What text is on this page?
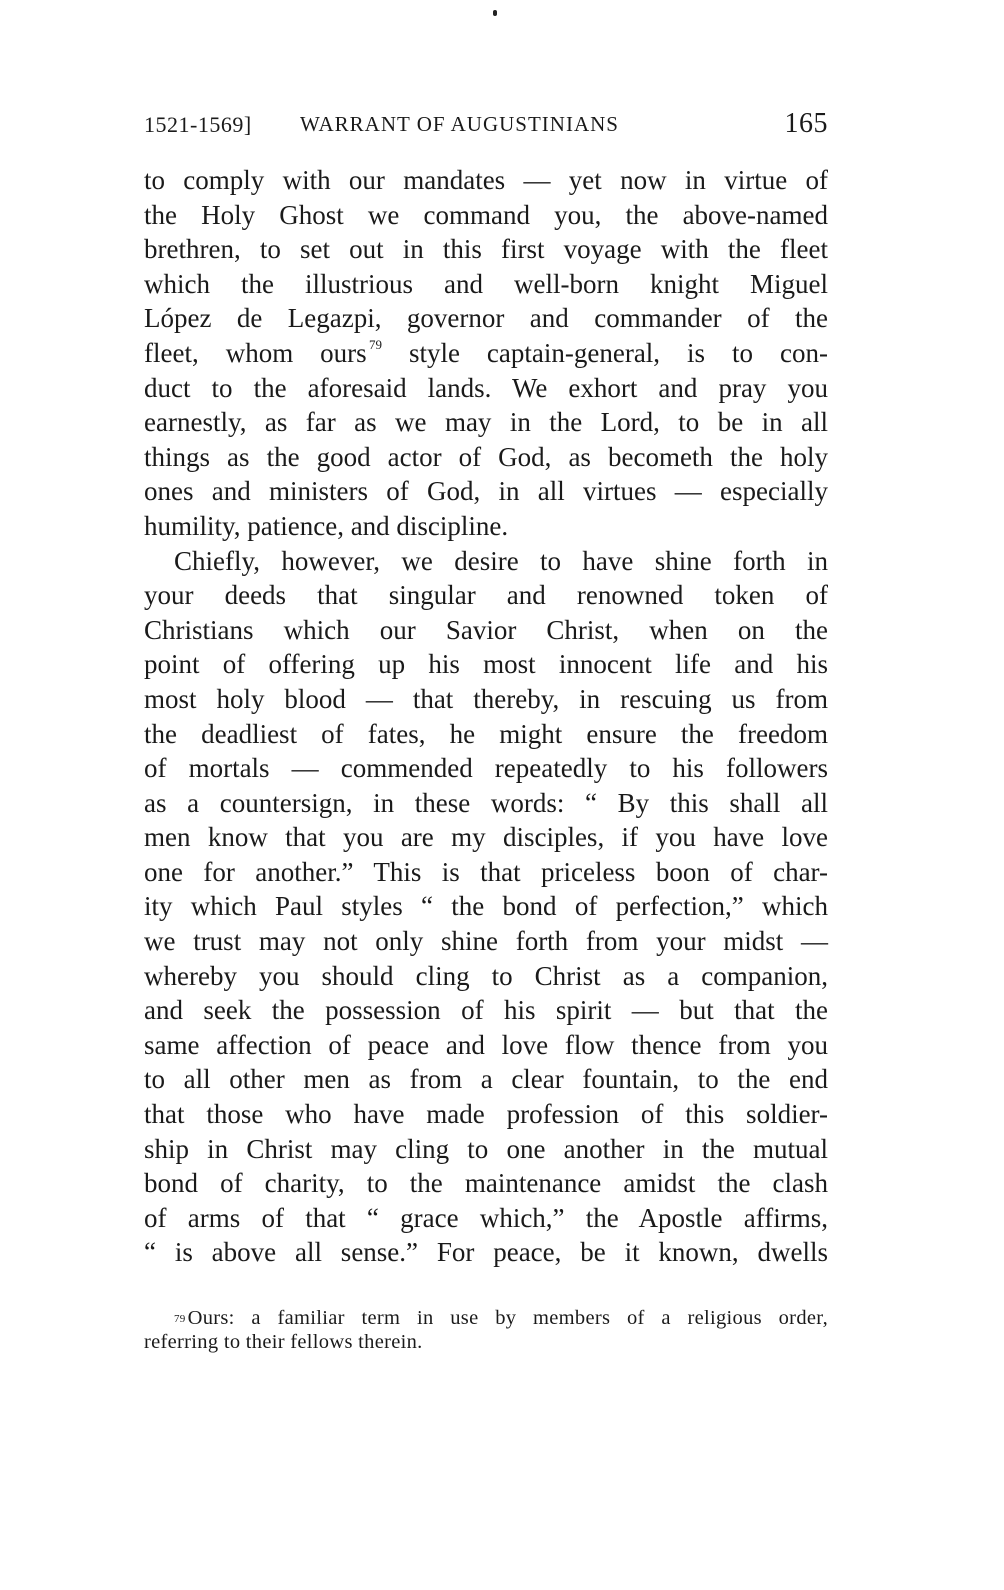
1521-1569] WARRANT OF AUGUSTINIANS	165
to comply with our mandates — yet now in virtue of
the Holy Ghost we command you, the above-named
brethren, to set out in this first voyage with the fleet
which the illustrious and well-born knight Miguel
López de Legazpi, governor and commander of the
fleet, whom ours  $^{79}$ style captain-general, is to con-
duct to the aforesaid lands. We exhort and pray you
earnestly, as far as we may in the Lord, to be in all
things as the good actor of God, as becometh the holy
ones and ministers of God, in all virtues — especially
humility, patience, and discipline.
Chiefly, however, we desire to have shine forth in
your deeds that singular and renowned token of
Christians which our Savior Christ, when on the
point of offering up his most innocent life and his
most holy blood — that thereby, in rescuing us from
the deadliest of fates, he might ensure the freedom
of mortals — commended repeatedly to his followers
as a countersign, in these words: “ By this shall all
men know that you are my disciples, if you have love
one for another.” This is that priceless boon of char-
ity which Paul styles “ the bond of perfection,” which
we trust may not only shine forth from your midst —
whereby you should cling to Christ as a companion,
and seek the possession of his spirit — but that the
same affection of peace and love flow thence from you
to all other men as from a clear fountain, to the end
that those who have made profession of this soldier-
ship in Christ may cling to one another in the mutual
bond of charity, to the maintenance amidst the clash
of arms of that “ grace which,” the Apostle affirms,
“ is above all sense.” For peace, be it known, dwells
$^{79}$ Ours: a familiar term in use by members of a religious order,
referring to their fellows therein.
